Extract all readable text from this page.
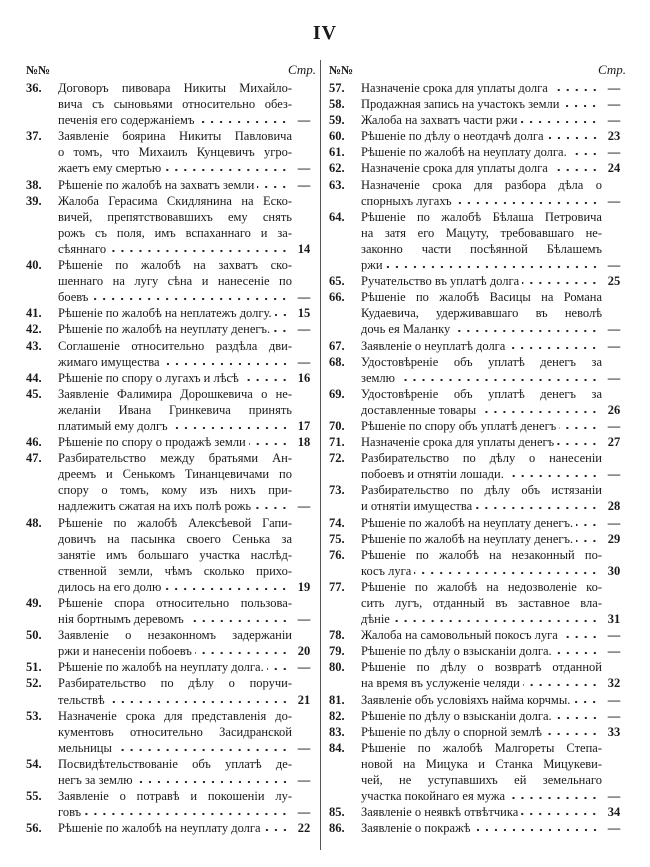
IV
№№	Стр.
36.	Договоръ пивовара Никиты Михайло-
вича съ сыновьями относительно обез-
печенія его содержаніемъ	—
37.	Заявленіе боярина Никиты Павловича
о томъ, что Михаилъ Кунцевичъ угро-
жаетъ ему смертью	—
38.	Рѣшеніе по жалобѣ на захватъ земли	—
39.	Жалоба Герасима Скидлянина на Еско-
вичей, препятствовавшихъ ему снять
рожъ съ поля, имъ вспаханнаго и за-
сѣяннаго	14
40.	Рѣшеніе по жалобѣ на захватъ ско-
шеннаго на лугу сѣна и нанесеніе по
боевъ	—
41.	Рѣшеніе по жалобѣ на неплатежъ долгу.	15
42.	Рѣшеніе по жалобѣ на неуплату денегъ.	—
43.	Соглашеніе относительно раздѣла дви-
жимаго имущества	—
44.	Рѣшеніе по спору о лугахъ и лѣсѣ	16
45.	Заявленіе Фалимира Дорошкевича о не-
желаніи Ивана Гринкевича принять
платимый ему долгъ	17
46.	Рѣшеніе по спору о продажѣ земли	18
47.	Разбирательство между братьями Ан-
дреемъ и Сенькомъ Тинанцевичами по
спору о томъ, кому изъ нихъ при-
надлежитъ сжатая на ихъ полѣ рожь	—
48.	Рѣшеніе по жалобѣ Алексѣевой Гапи-
довичъ на пасынка своего Сенька за
занятіе имъ большаго участка наслѣд-
ственной земли, чѣмъ сколько прихо-
дилось на его долю	19
49.	Рѣшеніе спора относительно пользова-
нія бортнымъ деревомъ	—
50.	Заявленіе о незаконномъ задержаніи
ржи и нанесеніи побоевъ	20
51.	Рѣшеніе по жалобѣ на неуплату долга.	—
52.	Разбирательство по дѣлу о поручи-
тельствѣ	21
53.	Назначеніе срока для представленія до-
кументовъ относительно Засидранской
мельницы	—
54.	Посвидѣтельствованіе объ уплатѣ де-
негъ за землю	—
55.	Заявленіе о потравѣ и покошеніи лу-
говъ	—
56.	Рѣшеніе по жалобѣ на неуплату долга	22
№№	Стр.
57.	Назначеніе срока для уплаты долга	—
58.	Продажная запись на участокъ земли	—
59.	Жалоба на захватъ части ржи	—
60.	Рѣшеніе по дѣлу о неотдачѣ долга	23
61.	Рѣшеніе по жалобѣ на неуплату долга.	—
62.	Назначеніе срока для уплаты долга	24
63.	Назначеніе срока для разбора дѣла о
спорныхъ лугахъ	—
64.	Рѣшеніе по жалобѣ Бѣлаша Петровича
на затя его Мацуту, требовавшаго не-
законно части посѣянной Бѣлашемъ
ржи	—
65.	Ручательство въ уплатѣ долга	25
66.	Рѣшеніе по жалобѣ Васицы на Романа
Кудаевича, удерживавшаго въ неволѣ
дочь ея Маланку	—
67.	Заявленіе о неуплатѣ долга	—
68.	Удостовѣреніе объ уплатѣ денегъ за
землю	—
69.	Удостовѣреніе объ уплатѣ денегъ за
доставленные товары	26
70.	Рѣшеніе по спору объ уплатѣ денегъ	—
71.	Назначеніе срока для уплаты денегъ	27
72.	Разбирательство по дѣлу о нанесеніи
побоевъ и отнятіи лошади.	—
73.	Разбирательство по дѣлу объ истязаніи
и отнятіи имущества	28
74.	Рѣшеніе по жалобѣ на неуплату денегъ.	—
75.	Рѣшеніе по жалобѣ на неуплату денегъ.	29
76.	Рѣшеніе по жалобѣ на незаконный по-
косъ луга	30
77.	Рѣшеніе по жалобѣ на недозволеніе ко-
сить лугъ, отданный въ заставное вла-
дѣніе	31
78.	Жалоба на самовольный покосъ луга	—
79.	Рѣшеніе по дѣлу о взысканіи долга.	—
80.	Рѣшеніе по дѣлу о возвратѣ отданной
на время въ услуженіе челяди	32
81.	Заявленіе объ условіяхъ найма корчмы.	—
82.	Рѣшеніе по дѣлу о взысканіи долга.	—
83.	Рѣшеніе по дѣлу о спорной землѣ	33
84.	Рѣшеніе по жалобѣ Малгореты Степа-
новой на Мицука и Станка Мицукеви-
чей, не уступавшихъ ей земельнаго
участка покойнаго ея мужа	—
85.	Заявленіе о неявкѣ отвѣтчика	34
86.	Заявленіе о покражѣ	—
